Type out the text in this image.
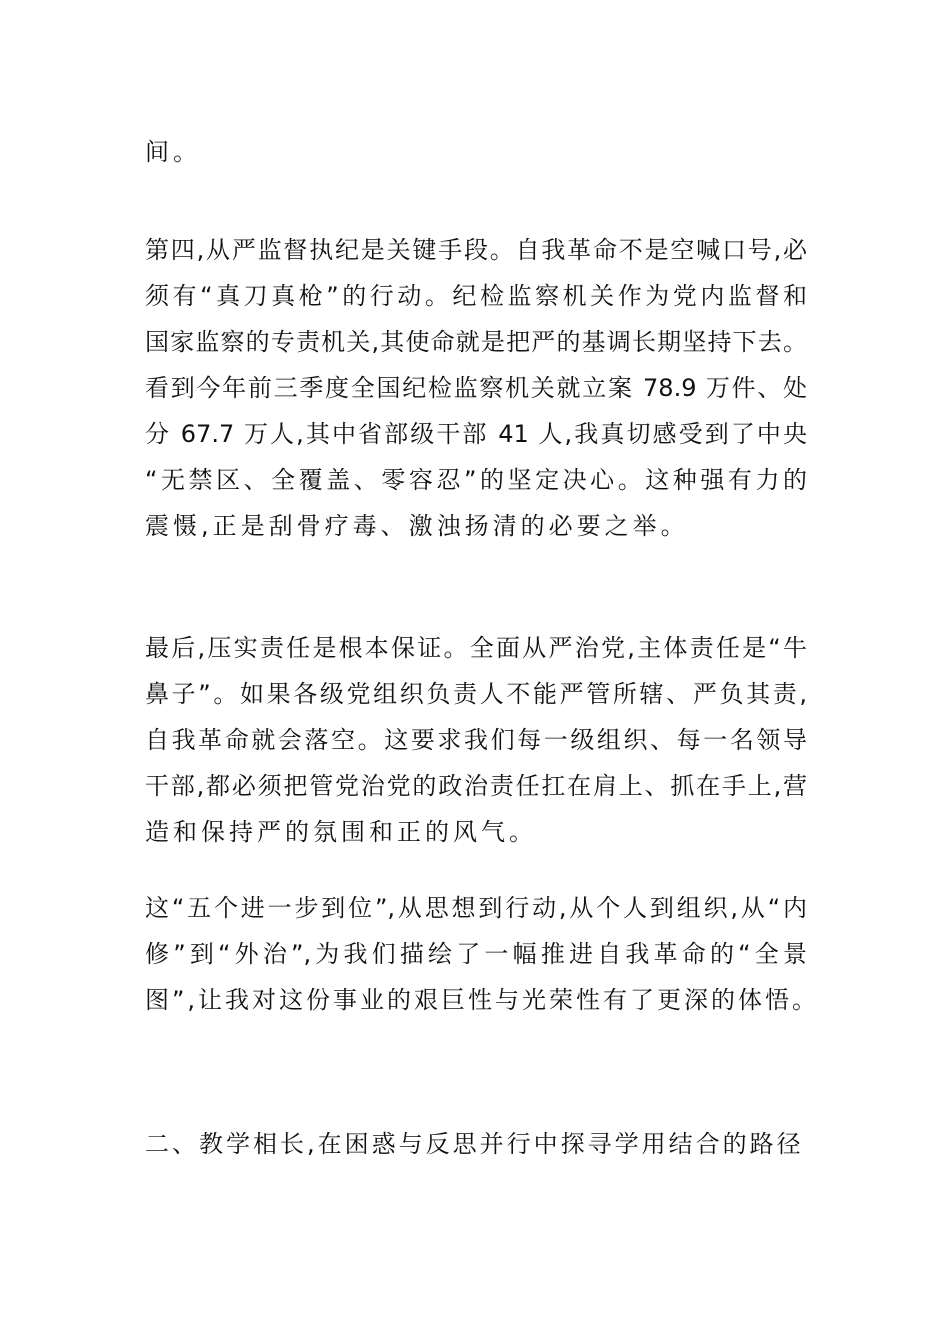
间。
第四,从严监督执纪是关键手段。自我革命不是空喊口号,必
须有“真刀真枪”的行动。纪检监察机关作为党内监督和
国家监察的专责机关,其使命就是把严的基调长期坚持下去。
看到今年前三季度全国纪检监察机关就立案 78.9 万件、处
分 67.7 万人,其中省部级干部 41 人,我真切感受到了中央
“无禁区、全覆盖、零容忍”的坚定决心。这种强有力的
震慑,正是刮骨疗毒、激浊扬清的必要之举。
最后,压实责任是根本保证。全面从严治党,主体责任是“牛
鼻子”。如果各级党组织负责人不能严管所辖、严负其责,
自我革命就会落空。这要求我们每一级组织、每一名领导
干部,都必须把管党治党的政治责任扛在肩上、抓在手上,营
造和保持严的氛围和正的风气。
这“五个进一步到位”,从思想到行动,从个人到组织,从“内
修”到“外治”,为我们描绘了一幅推进自我革命的“全景
图”,让我对这份事业的艰巨性与光荣性有了更深的体悟。
二、教学相长,在困惑与反思并行中探寻学用结合的路径
